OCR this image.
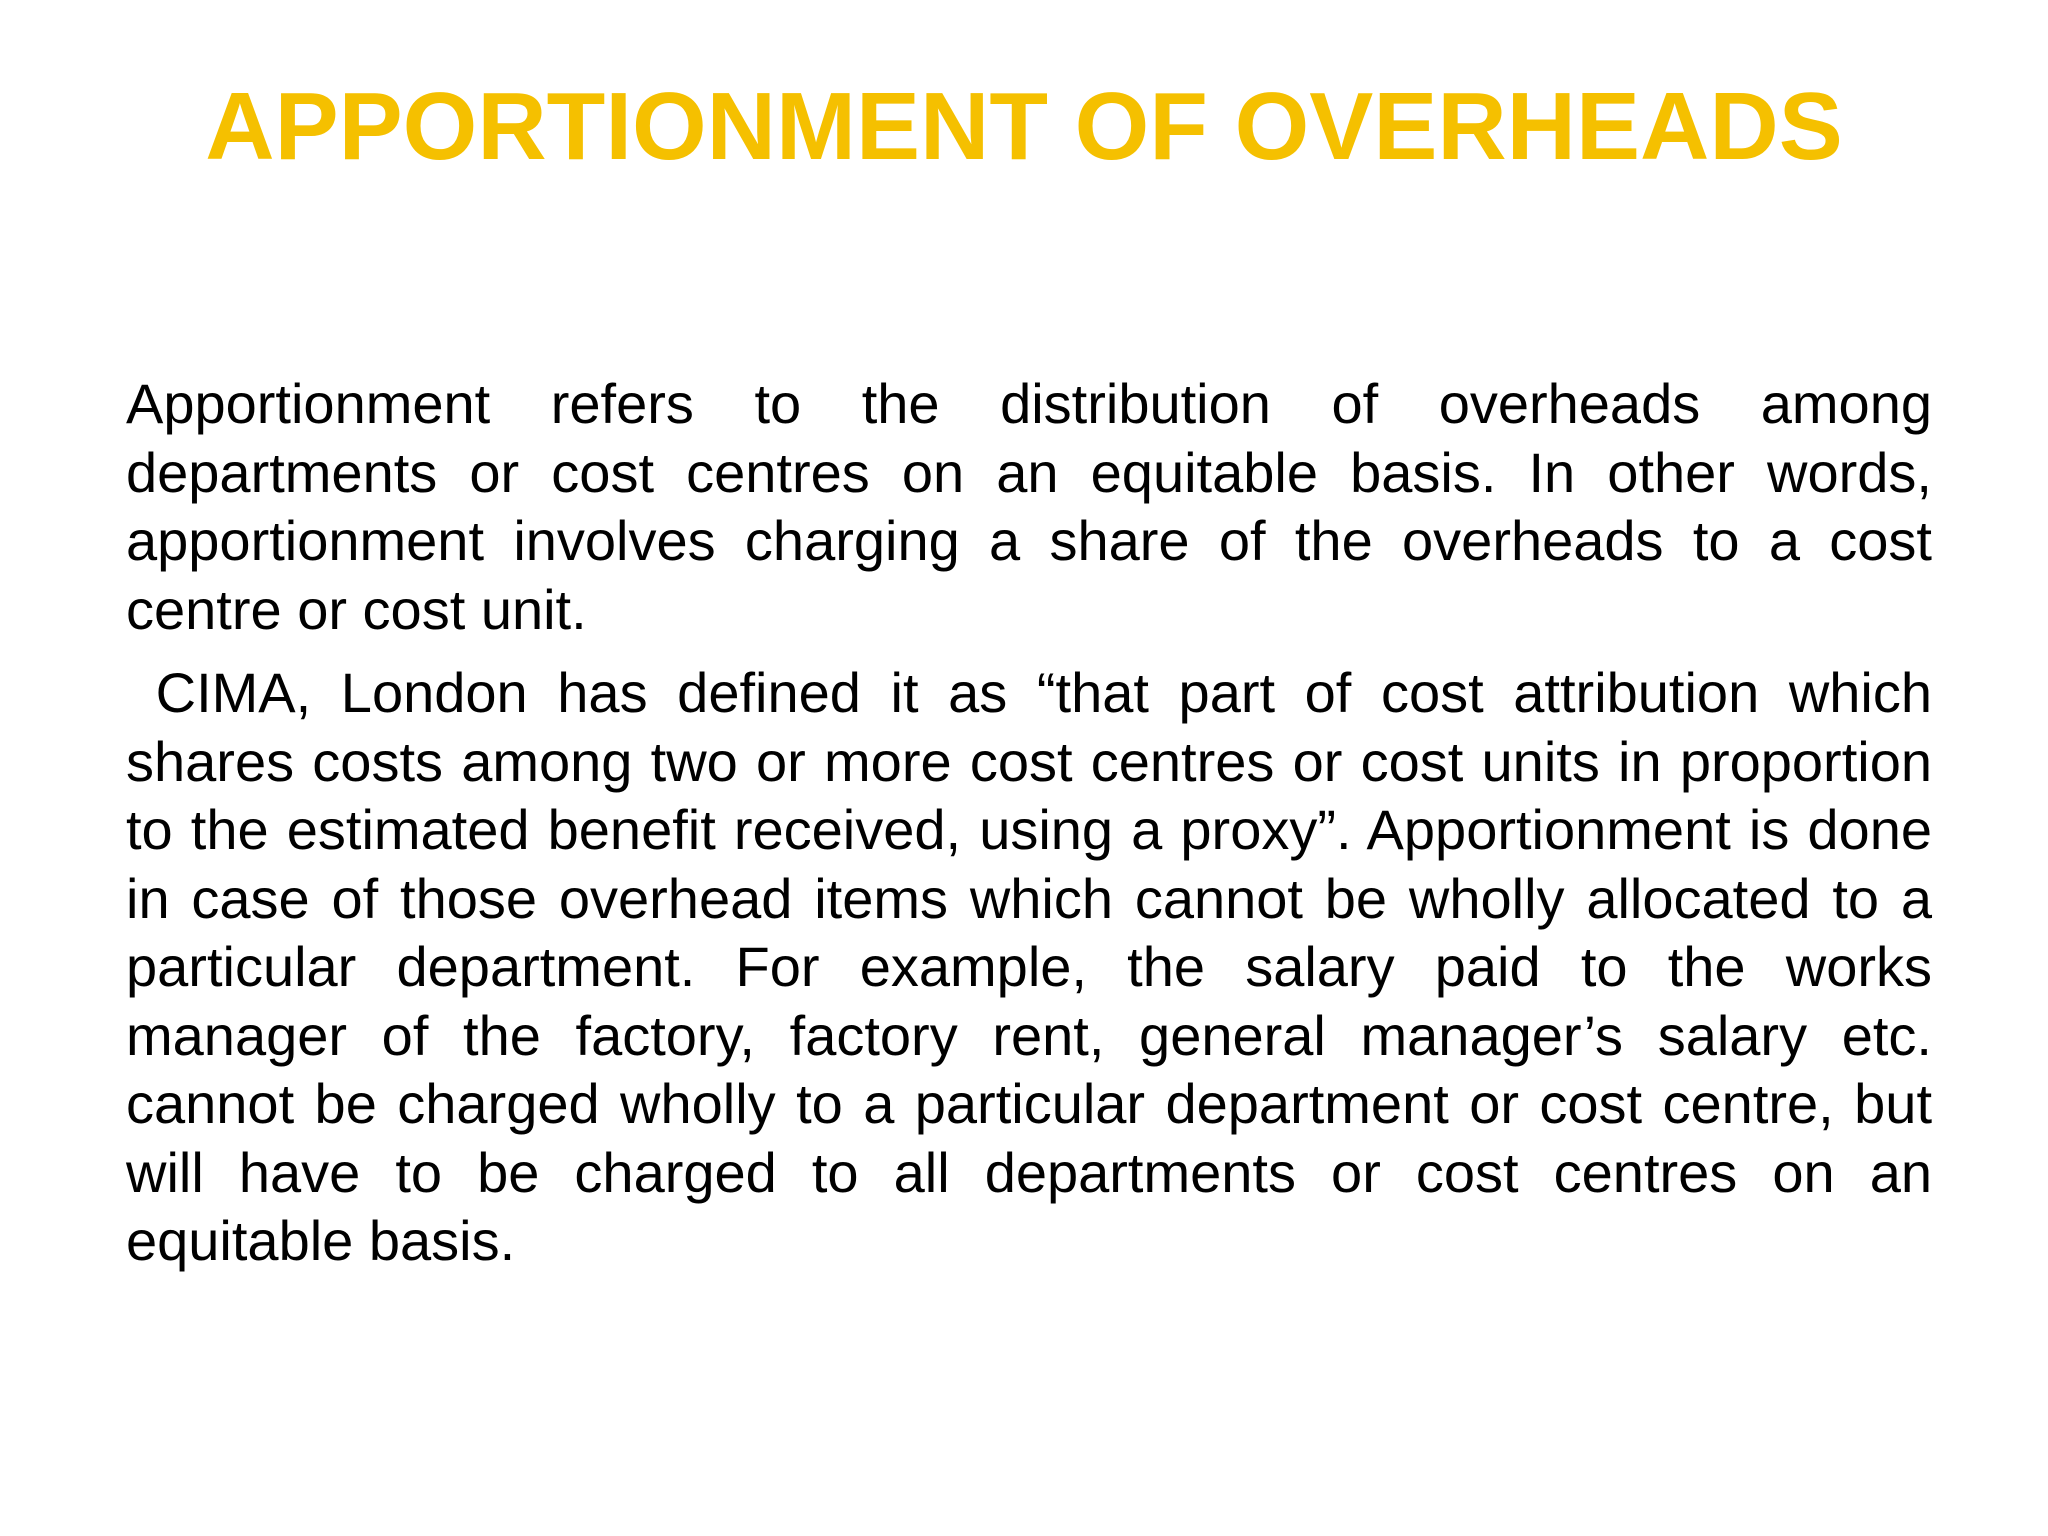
APPORTIONMENT OF OVERHEADS

Apportionment refers to the distribution of overheads among departments or cost centres on an equitable basis. In other words, apportionment involves charging a share of the overheads to a cost centre or cost unit.

CIMA, London has defined it as “that part of cost attribution which shares costs among two or more cost centres or cost units in proportion to the estimated benefit received, using a proxy”. Apportionment is done in case of those overhead items which cannot be wholly allocated to a particular department. For example, the salary paid to the works manager of the factory, factory rent, general manager’s salary etc. cannot be charged wholly to a particular department or cost centre, but will have to be charged to all departments or cost centres on an equitable basis.
